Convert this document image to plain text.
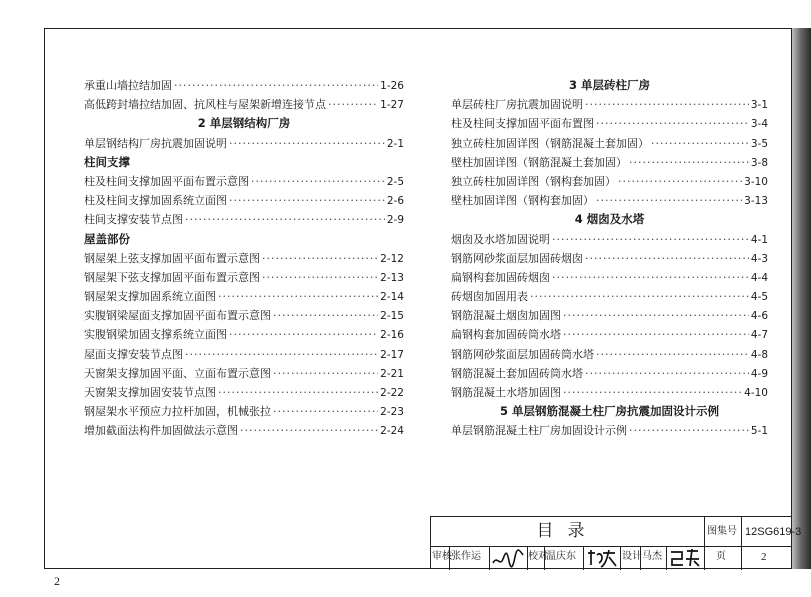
承重山墙拉结加固 ·····	1-26
高低跨封墙拉结加固、抗风柱与屋架新增连接节点 ·····	1-27
2 单层钢结构厂房
单层钢结构厂房抗震加固说明 ·····	2-1
柱间支撑
柱及柱间支撑加固平面布置示意图 ·····	2-5
柱及柱间支撑加固系统立面图 ·····	2-6
柱间支撑安装节点图 ·····	2-9
屋盖部份
钢屋架上弦支撑加固平面布置示意图 ·····	2-12
钢屋架下弦支撑加固平面布置示意图 ·····	2-13
钢屋架支撑加固系统立面图 ·····	2-14
实腹钢梁屋面支撑加固平面布置示意图 ·····	2-15
实腹钢梁加固支撑系统立面图 ·····	2-16
屋面支撑安装节点图 ·····	2-17
天窗架支撑加固平面、立面布置示意图 ·····	2-21
天窗架支撑加固安装节点图 ·····	2-22
钢屋架水平预应力拉杆加固，机械张拉 ·····	2-23
增加截面法构件加固做法示意图 ·····	2-24
3 单层砖柱厂房
单层砖柱厂房抗震加固说明 ·····	3-1
柱及柱间支撑加固平面布置图 ·····	3-4
独立砖柱加固详图（钢筋混凝土套加固） ·····	3-5
壁柱加固详图（钢筋混凝土套加固） ·····	3-8
独立砖柱加固详图（钢构套加固） ·····	3-10
壁柱加固详图（钢构套加固） ·····	3-13
4 烟囱及水塔
烟囱及水塔加固说明 ·····	4-1
钢筋网砂浆面层加固砖烟囱 ·····	4-3
扁钢构套加固砖烟囱 ·····	4-4
砖烟囱加固用表 ·····	4-5
钢筋混凝土烟囱加固图 ·····	4-6
扁钢构套加固砖筒水塔 ·····	4-7
钢筋网砂浆面层加固砖筒水塔 ·····	4-8
钢筋混凝土套加固砖筒水塔 ·····	4-9
钢筋混凝土水塔加固图 ·····	4-10
5 单层钢筋混凝土柱厂房抗震加固设计示例
单层钢筋混凝土柱厂房加固设计示例 ·····	5-1
目录	图集号 12SG619-3
审核 张作运	校对
温庆东	设计 马杰	页	2
2
